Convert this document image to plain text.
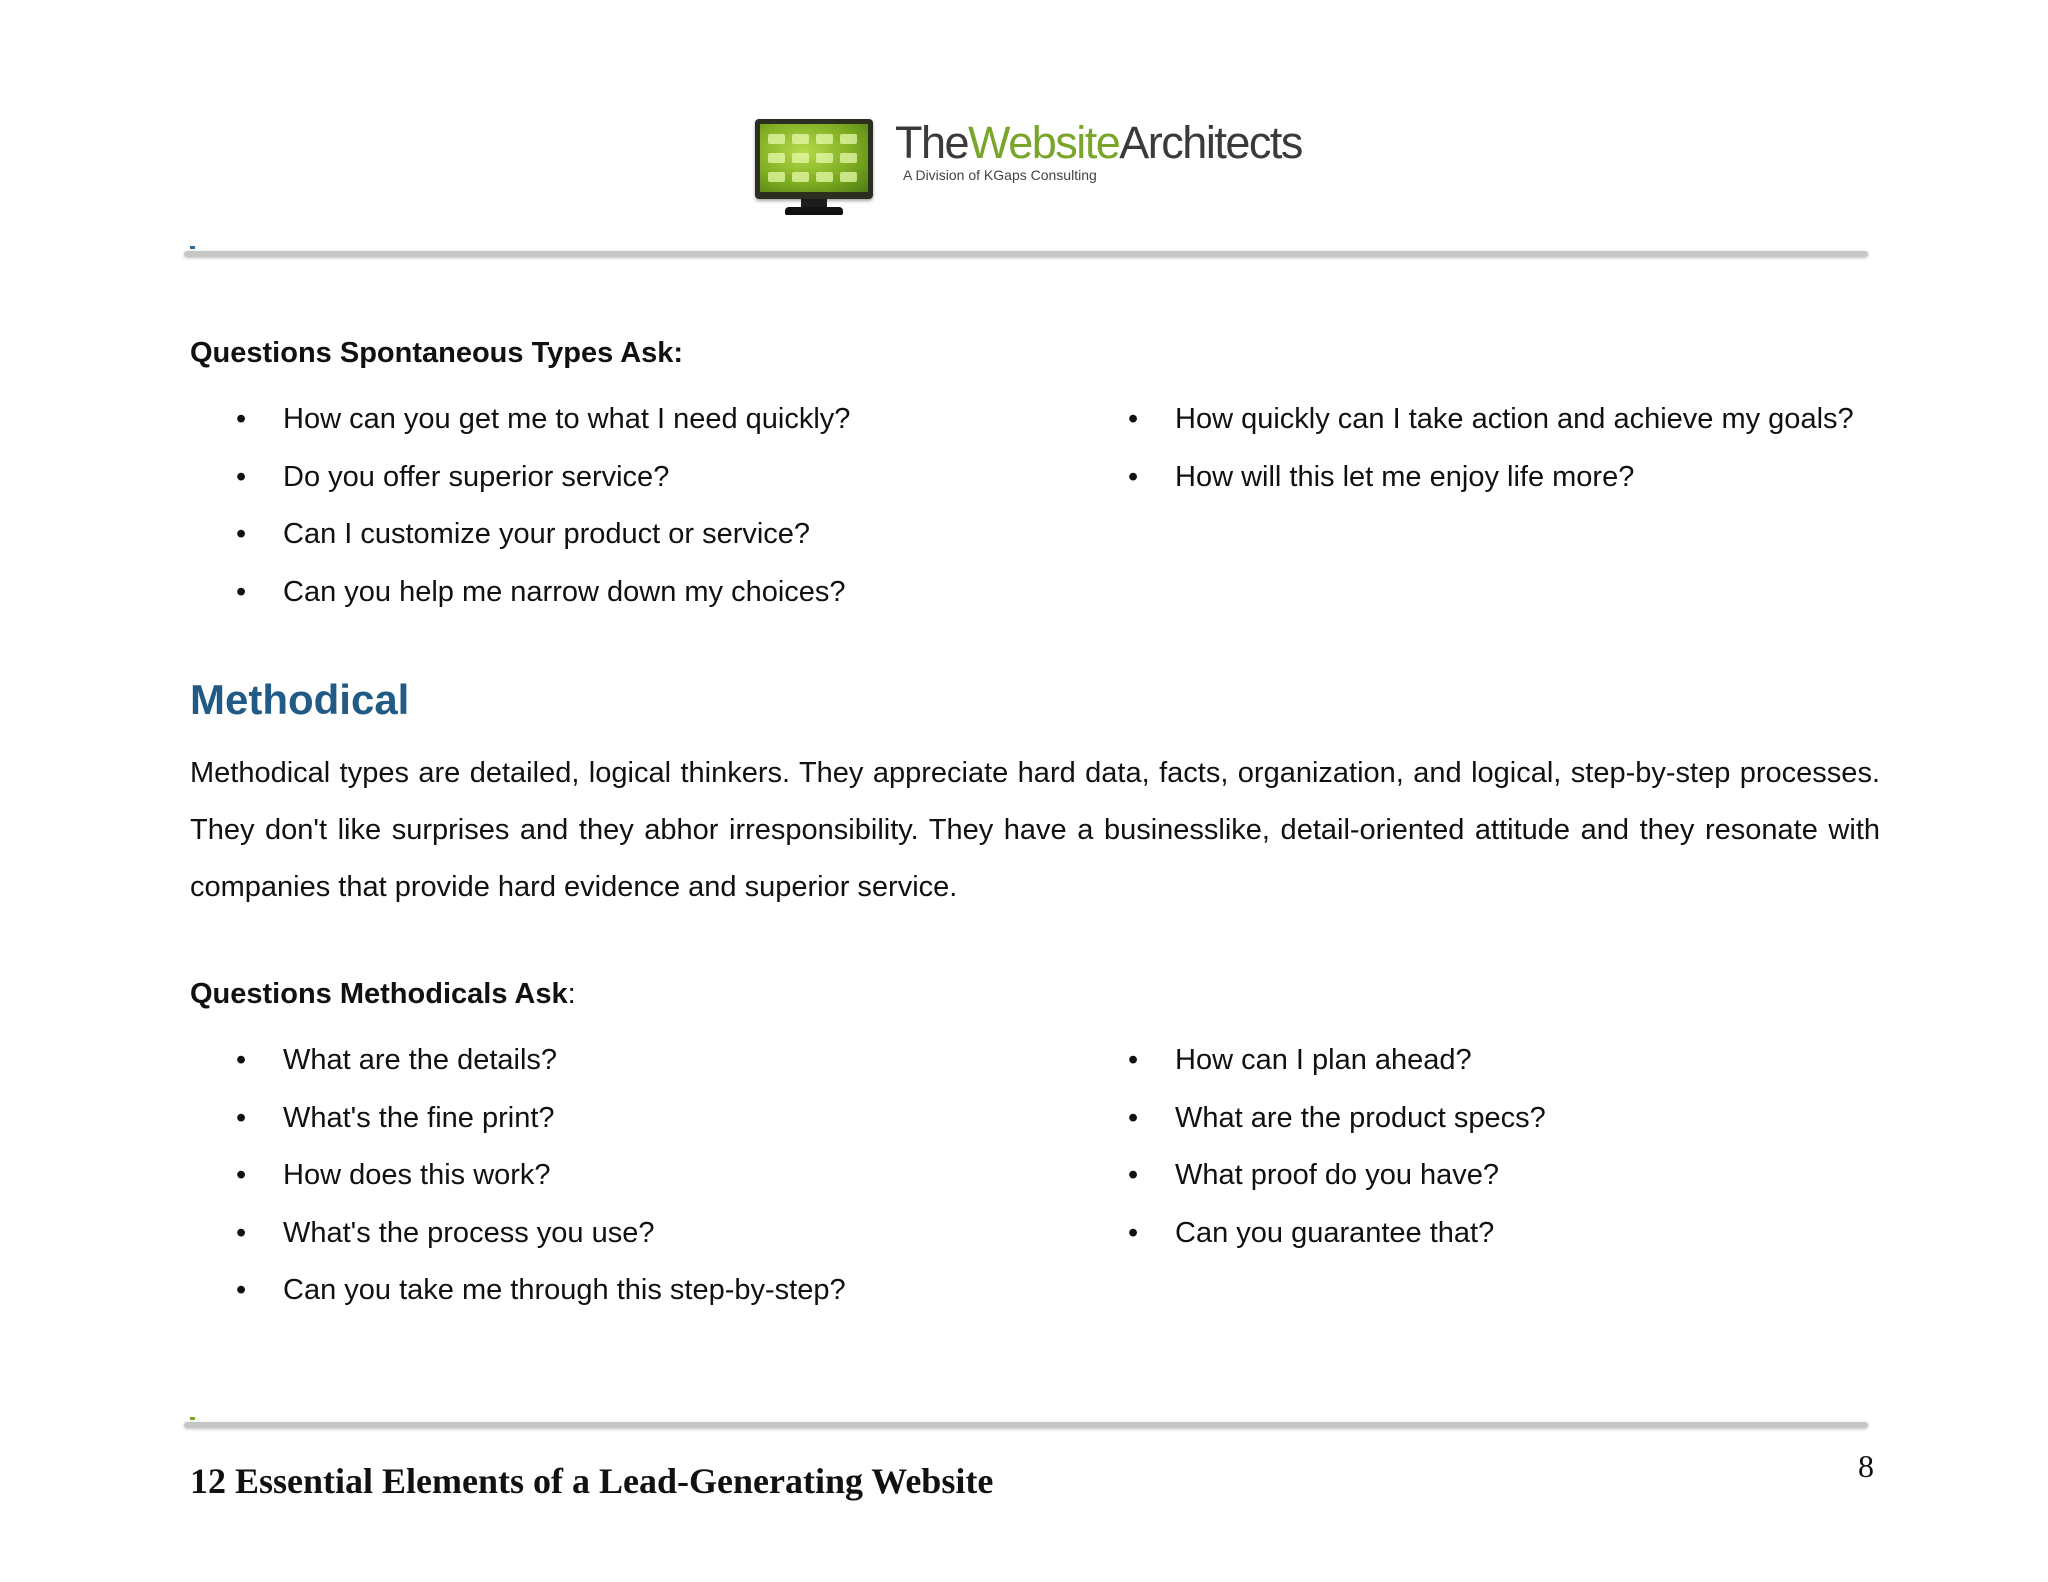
TheWebsiteArchitects
A Division of KGaps Consulting

Questions Spontaneous Types Ask:

• How can you get me to what I need quickly?
• Do you offer superior service?
• Can I customize your product or service?
• Can you help me narrow down my choices?
• How quickly can I take action and achieve my goals?
• How will this let me enjoy life more?
Methodical

Methodical types are detailed, logical thinkers. They appreciate hard data, facts, organization, and logical, step-by-step processes. They don't like surprises and they abhor irresponsibility. They have a businesslike, detail-oriented attitude and they resonate with companies that provide hard evidence and superior service.

Questions Methodicals Ask:

• What are the details?
• What's the fine print?
• How does this work?
• What's the process you use?
• Can you take me through this step-by-step?
• How can I plan ahead?
• What are the product specs?
• What proof do you have?
• Can you guarantee that?

12 Essential Elements of a Lead-Generating Website	8
